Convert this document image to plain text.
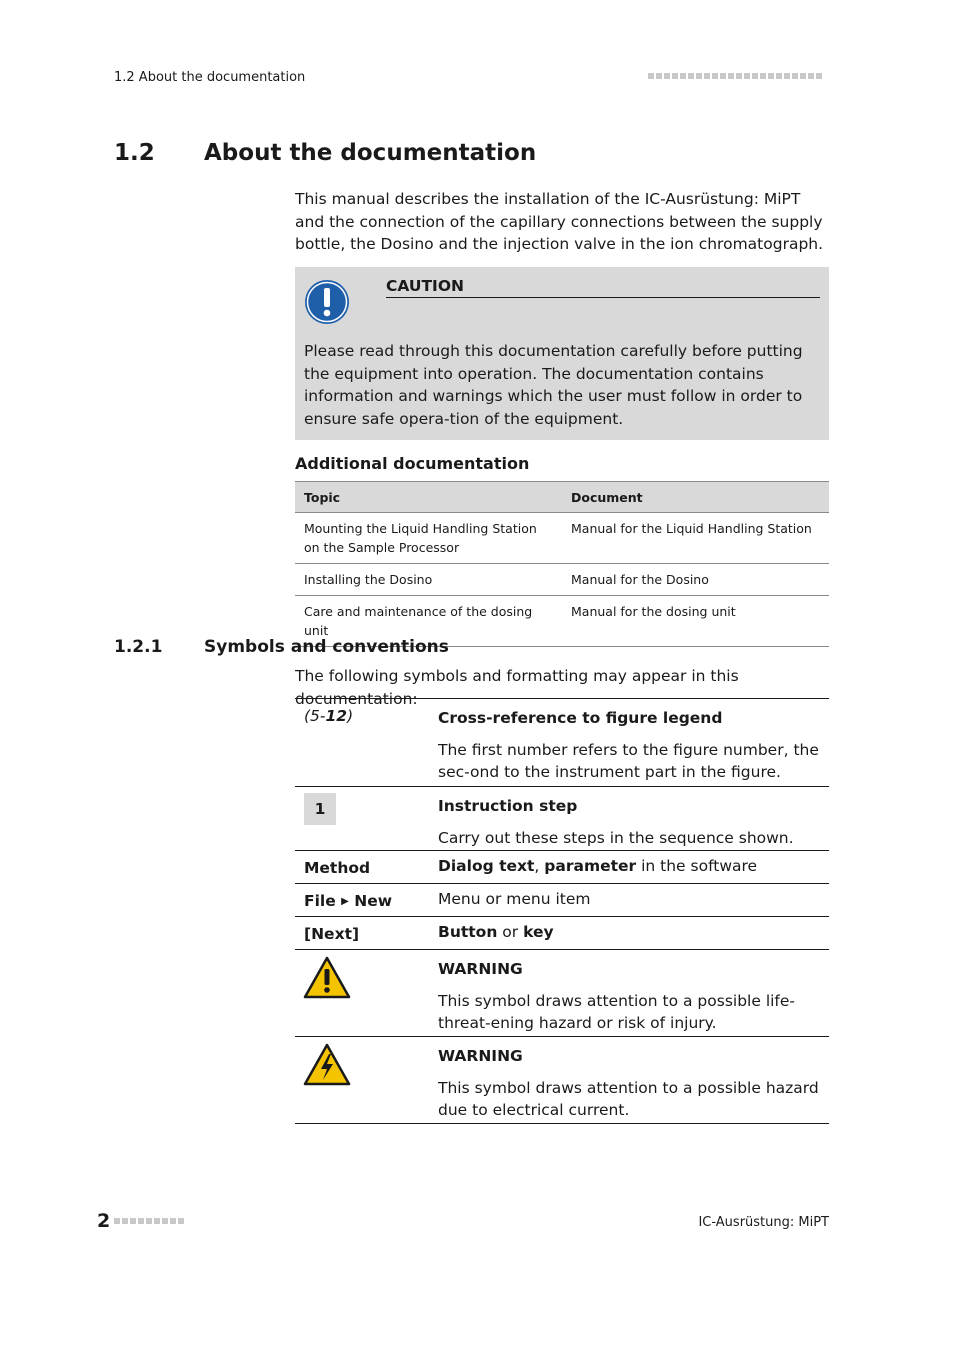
1.2 About the documentation
1.2 About the documentation
This manual describes the installation of the IC-Ausrüstung: MiPT and the connection of the capillary connections between the supply bottle, the Dosino and the injection valve in the ion chromatograph.
CAUTION
Please read through this documentation carefully before putting the equipment into operation. The documentation contains information and warnings which the user must follow in order to ensure safe opera-tion of the equipment.
Additional documentation
Topic	Document
Mounting the Liquid Handling Station on the Sample Processor	Manual for the Liquid Handling Station
Installing the Dosino	Manual for the Dosino
Care and maintenance of the dosing unit	Manual for the dosing unit
1.2.1 Symbols and conventions
The following symbols and formatting may appear in this documentation:
(5-12)	Cross-reference to figure legend
The first number refers to the figure number, the sec-ond to the instrument part in the figure.
1	Instruction step
Carry out these steps in the sequence shown.
Method	Dialog text, parameter in the software
File ▶ New	Menu or menu item
[Next]	Button or key
WARNING
This symbol draws attention to a possible life-threat-ening hazard or risk of injury.
WARNING
This symbol draws attention to a possible hazard due to electrical current.
2	IC-Ausrüstung: MiPT
